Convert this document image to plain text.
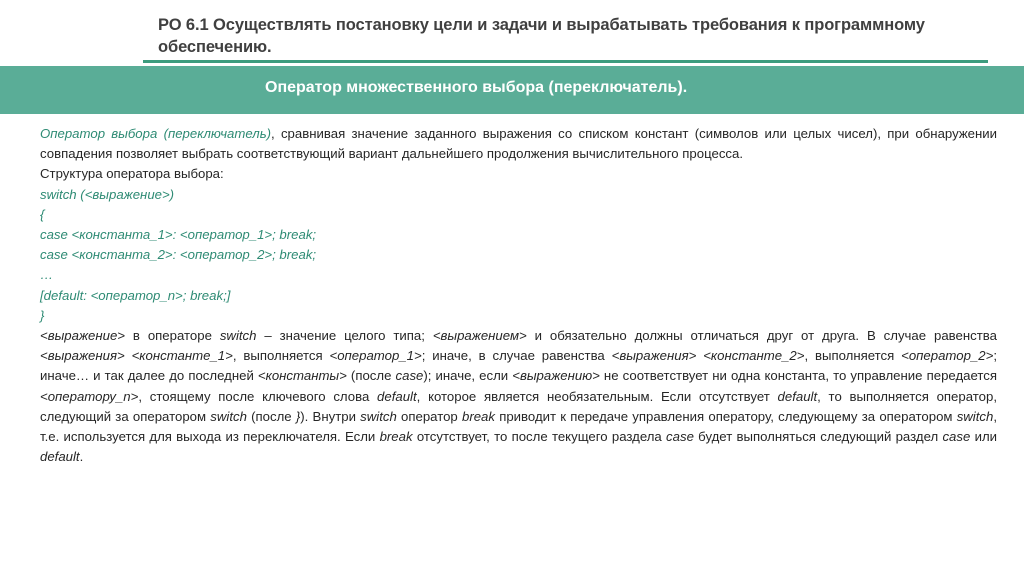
РО 6.1 Осуществлять постановку цели и задачи и вырабатывать требования к программному обеспечению.
Оператор множественного выбора (переключатель).

Оператор выбора (переключатель), сравнивая значение заданного выражения со списком констант (символов или целых чисел), при обнаружении совпадения позволяет выбрать соответствующий вариант дальнейшего продолжения вычислительного процесса.

Структура оператора выбора:

switch (<выражение>)

{

case <константа_1>: <оператор_1>; break;

case <константа_2>: <оператор_2>; break;

…

[default: <оператор_n>; break;]

}

<выражение> в операторе switch – значение целого типа; <выражением> и обязательно должны отличаться друг от друга. В случае равенства <выражения> <константе_1>, выполняется <оператор_1>; иначе, в случае равенства <выражения> <константе_2>, выполняется <оператор_2>; иначе… и так далее до последней <константы> (после case); иначе, если <выражению> не соответствует ни одна константа, то управление передается <оператору_n>, стоящему после ключевого слова default, которое является необязательным. Если отсутствует default, то выполняется оператор, следующий за оператором switch (после }). Внутри switch оператор break приводит к передаче управления оператору, следующему за оператором switch, т.е. используется для выхода из переключателя. Если break отсутствует, то после текущего раздела case будет выполняться следующий раздел case или default.
